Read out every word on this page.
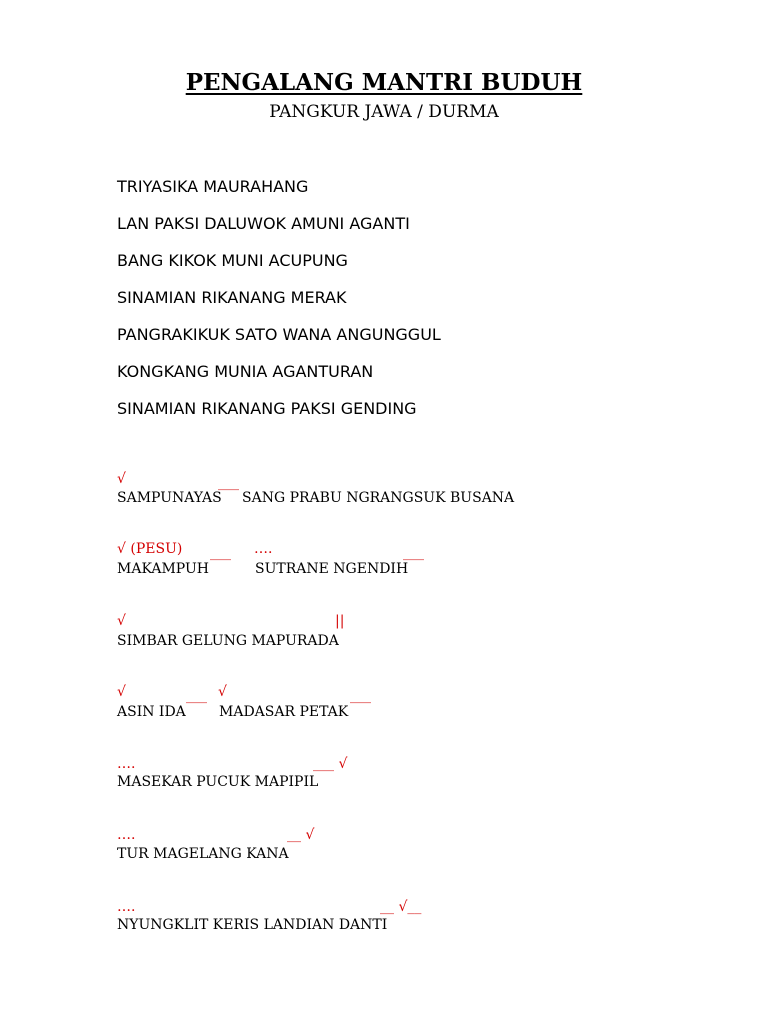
PENGALANG MANTRI BUDUH
PANGKUR JAWA / DURMA
TRIYASIKA MAURAHANG
LAN PAKSI DALUWOK AMUNI AGANTI
BANG KIKOK MUNI ACUPUNG
SINAMIAN RIKANANG MERAK
PANGRAKIKUK SATO WANA ANGUNGGUL
KONGKANG MUNIA AGANTURAN
SINAMIAN RIKANANG PAKSI GENDING
√	___
SAMPUNAYAS SANG PRABU NGRANGSUK BUSANA
√ (PESU) ___ ….	___
MAKAMPUH	SUTRANE NGENDIH
√	||
SIMBAR GELUNG MAPURADA
√	___ √	___
ASIN IDA MADASAR PETAK
….	___ √
MASEKAR PUCUK MAPIPIL
….	__ √
TUR MAGELANG KANA
….	__ √__
NYUNGKLIT KERIS LANDIAN DANTI
